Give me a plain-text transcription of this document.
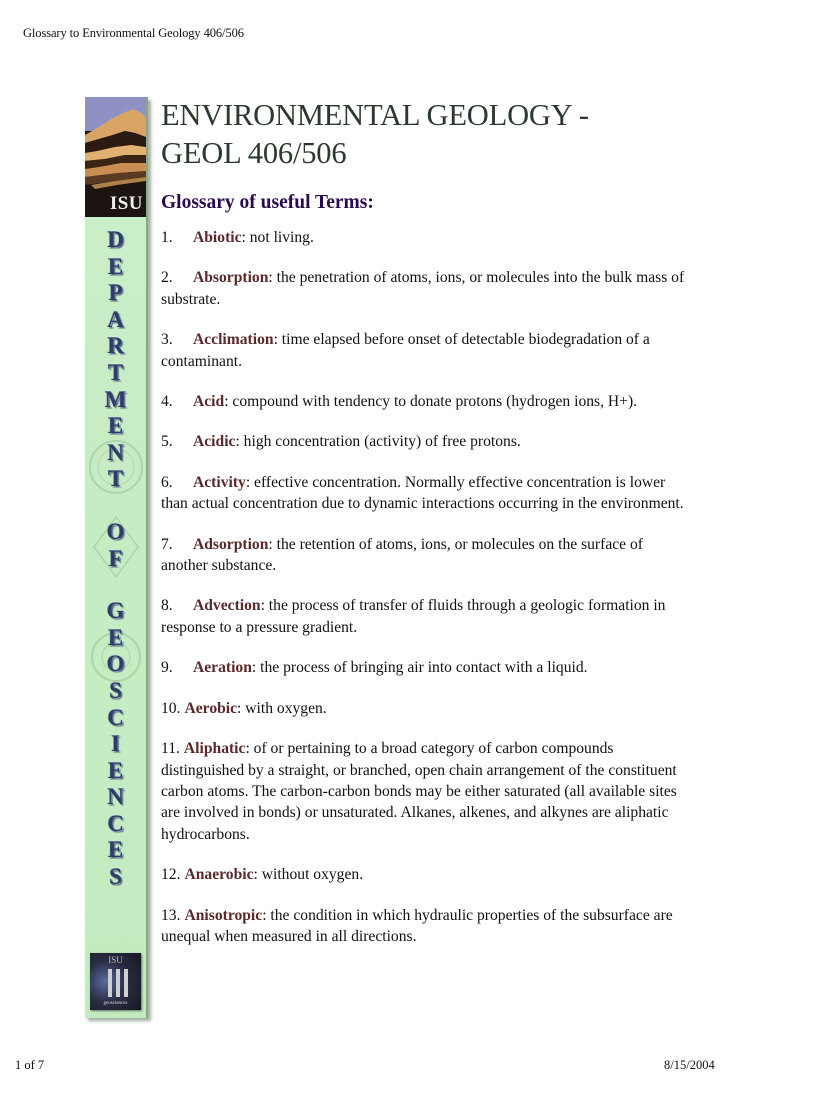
Glossary to Environmental Geology 406/506
ISU
D
E
P
A
R
T
M
E
N
T
O
F
G
E
O
S
C
I
E
N
C
E
S
ISU
geosciences
ENVIRONMENTAL GEOLOGY -
GEOL 406/506
Glossary of useful Terms:
1. Abiotic: not living.
2. Absorption: the penetration of atoms, ions, or molecules into the bulk mass of substrate.
3. Acclimation: time elapsed before onset of detectable biodegradation of a contaminant.
4. Acid: compound with tendency to donate protons (hydrogen ions, H+).
5. Acidic: high concentration (activity) of free protons.
6. Activity: effective concentration. Normally effective concentration is lower than actual concentration due to dynamic interactions occurring in the environment.
7. Adsorption: the retention of atoms, ions, or molecules on the surface of another substance.
8. Advection: the process of transfer of fluids through a geologic formation in response to a pressure gradient.
9. Aeration: the process of bringing air into contact with a liquid.
10. Aerobic: with oxygen.
11. Aliphatic: of or pertaining to a broad category of carbon compounds distinguished by a straight, or branched, open chain arrangement of the constituent carbon atoms. The carbon-carbon bonds may be either saturated (all available sites are involved in bonds) or unsaturated. Alkanes, alkenes, and alkynes are aliphatic hydrocarbons.
12. Anaerobic: without oxygen.
13. Anisotropic: the condition in which hydraulic properties of the subsurface are unequal when measured in all directions.
1 of 7	8/15/2004
